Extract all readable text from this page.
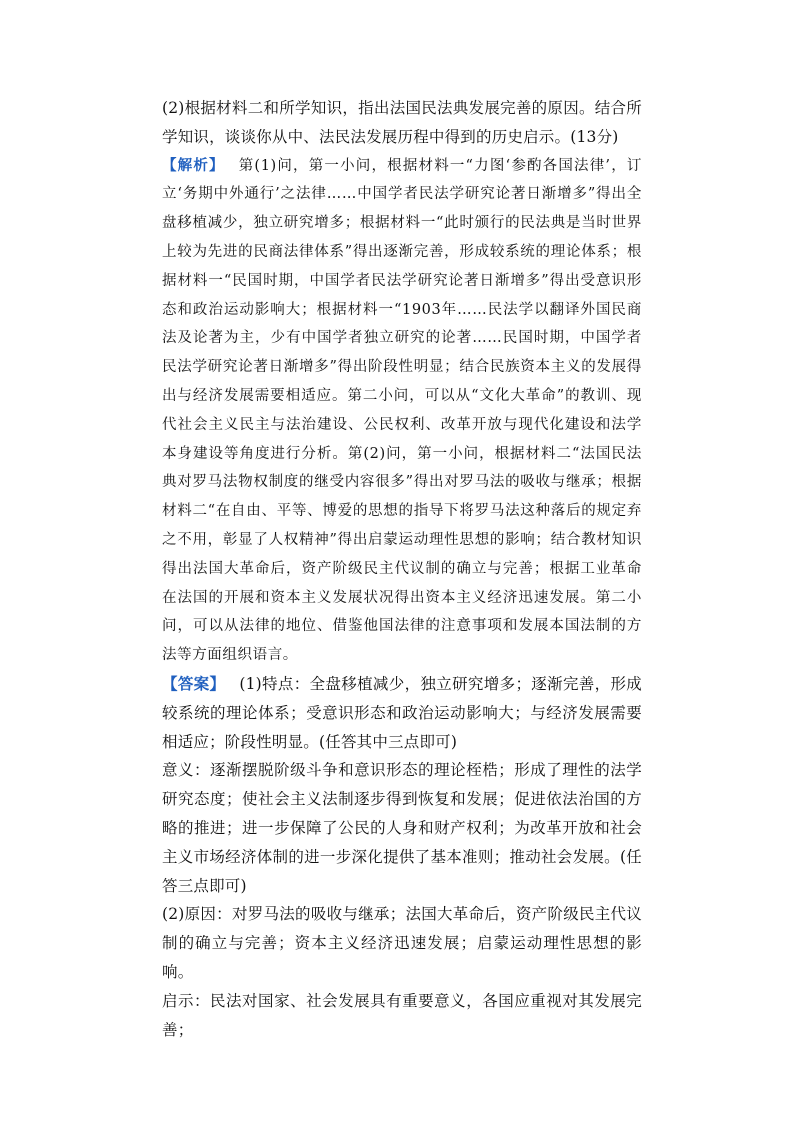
(2)根据材料二和所学知识，指出法国民法典发展完善的原因。结合所学知识，谈谈你从中、法民法发展历程中得到的历史启示。(13分)

【解析】 第(1)问，第一小问，根据材料一“力图‘参酌各国法律’，订立‘务期中外通行’之法律……中国学者民法学研究论著日渐增多”得出全盘移植减少，独立研究增多；根据材料一“此时颁行的民法典是当时世界上较为先进的民商法律体系”得出逐渐完善，形成较系统的理论体系；根据材料一“民国时期，中国学者民法学研究论著日渐增多”得出受意识形态和政治运动影响大；根据材料一“1903年……民法学以翻译外国民商法及论著为主，少有中国学者独立研究的论著……民国时期，中国学者民法学研究论著日渐增多”得出阶段性明显；结合民族资本主义的发展得出与经济发展需要相适应。第二小问，可以从“文化大革命”的教训、现代社会主义民主与法治建设、公民权利、改革开放与现代化建设和法学本身建设等角度进行分析。第(2)问，第一小问，根据材料二“法国民法典对罗马法物权制度的继受内容很多”得出对罗马法的吸收与继承；根据材料二“在自由、平等、博爱的思想的指导下将罗马法这种落后的规定弃之不用，彰显了人权精神”得出启蒙运动理性思想的影响；结合教材知识得出法国大革命后，资产阶级民主代议制的确立与完善；根据工业革命在法国的开展和资本主义发展状况得出资本主义经济迅速发展。第二小问，可以从法律的地位、借鉴他国法律的注意事项和发展本国法制的方法等方面组织语言。

【答案】 (1)特点：全盘移植减少，独立研究增多；逐渐完善，形成较系统的理论体系；受意识形态和政治运动影响大；与经济发展需要相适应；阶段性明显。(任答其中三点即可)

意义：逐渐摆脱阶级斗争和意识形态的理论桎梏；形成了理性的法学研究态度；使社会主义法制逐步得到恢复和发展；促进依法治国的方略的推进；进一步保障了公民的人身和财产权利；为改革开放和社会主义市场经济体制的进一步深化提供了基本准则；推动社会发展。(任答三点即可)

(2)原因：对罗马法的吸收与继承；法国大革命后，资产阶级民主代议制的确立与完善；资本主义经济迅速发展；启蒙运动理性思想的影响。

启示：民法对国家、社会发展具有重要意义，各国应重视对其发展完善；
